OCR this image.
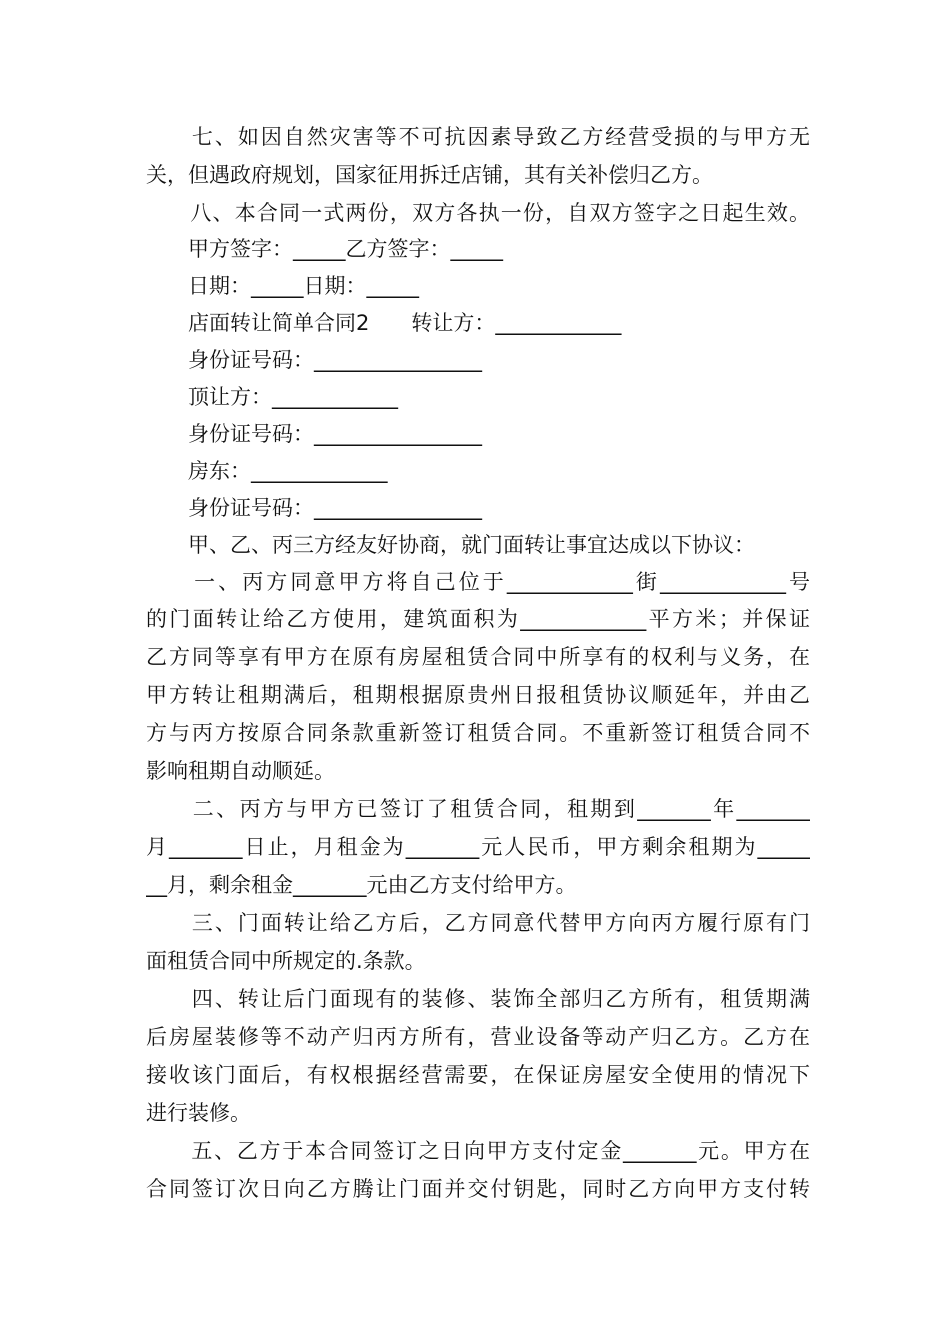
　　七、如因自然灾害等不可抗因素导致乙方经营受损的与甲方无
关，但遇政府规划，国家征用拆迁店铺，其有关补偿归乙方。
　　八、本合同一式两份，双方各执一份，自双方签字之日起生效。
　　甲方签字：_____乙方签字：_____
　　日期：_____日期：_____
　　店面转让简单合同2　　转让方：____________
　　身份证号码：________________
　　顶让方：____________
　　身份证号码：________________
　　房东：_____________
　　身份证号码：________________
　　甲、乙、丙三方经友好协商，就门面转让事宜达成以下协议：
　　一、丙方同意甲方将自己位于____________街____________号
的门面转让给乙方使用，建筑面积为____________平方米；并保证
乙方同等享有甲方在原有房屋租赁合同中所享有的权利与义务，在
甲方转让租期满后，租期根据原贵州日报租赁协议顺延年，并由乙
方与丙方按原合同条款重新签订租赁合同。不重新签订租赁合同不
影响租期自动顺延。
　　二、丙方与甲方已签订了租赁合同，租期到_______年_______
月_______日止，月租金为_______元人民币，甲方剩余租期为_____
__月，剩余租金_______元由乙方支付给甲方。
　　三、门面转让给乙方后，乙方同意代替甲方向丙方履行原有门
面租赁合同中所规定的.条款。
　　四、转让后门面现有的装修、装饰全部归乙方所有，租赁期满
后房屋装修等不动产归丙方所有，营业设备等动产归乙方。乙方在
接收该门面后，有权根据经营需要，在保证房屋安全使用的情况下
进行装修。
　　五、乙方于本合同签订之日向甲方支付定金_______元。甲方在
合同签订次日向乙方腾让门面并交付钥匙，同时乙方向甲方支付转
